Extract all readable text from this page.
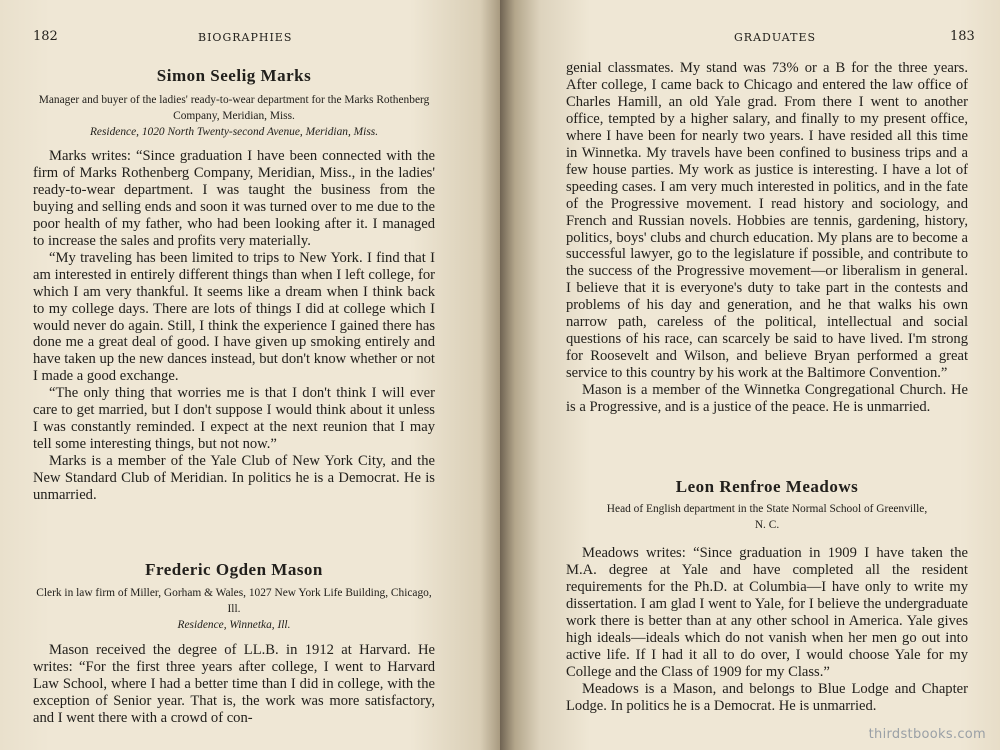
182	BIOGRAPHIES
Simon Seelig Marks

Manager and buyer of the ladies' ready-to-wear department for the Marks Rothenberg Company, Meridian, Miss.
Residence, 1020 North Twenty-second Avenue, Meridian, Miss.

Marks writes: “Since graduation I have been connected with the firm of Marks Rothenberg Company, Meridian, Miss., in the ladies' ready-to-wear department. I was taught the business from the buying and selling ends and soon it was turned over to me due to the poor health of my father, who had been looking after it. I managed to increase the sales and profits very materially.

“My traveling has been limited to trips to New York. I find that I am interested in entirely different things than when I left college, for which I am very thankful. It seems like a dream when I think back to my college days. There are lots of things I did at college which I would never do again. Still, I think the experience I gained there has done me a great deal of good. I have given up smoking entirely and have taken up the new dances instead, but don't know whether or not I made a good exchange.

“The only thing that worries me is that I don't think I will ever care to get married, but I don't suppose I would think about it unless I was constantly reminded. I expect at the next reunion that I may tell some interesting things, but not now.”

Marks is a member of the Yale Club of New York City, and the New Standard Club of Meridian. In politics he is a Democrat. He is unmarried.

Frederic Ogden Mason

Clerk in law firm of Miller, Gorham & Wales, 1027 New York Life Building, Chicago, Ill.
Residence, Winnetka, Ill.

Mason received the degree of LL.B. in 1912 at Harvard. He writes: “For the first three years after college, I went to Harvard Law School, where I had a better time than I did in college, with the exception of Senior year. That is, the work was more satisfactory, and I went there with a crowd of con-

GRADUATES	183

genial classmates. My stand was 73% or a B for the three years. After college, I came back to Chicago and entered the law office of Charles Hamill, an old Yale grad. From there I went to another office, tempted by a higher salary, and finally to my present office, where I have been for nearly two years. I have resided all this time in Winnetka. My travels have been confined to business trips and a few house parties. My work as justice is interesting. I have a lot of speeding cases. I am very much interested in politics, and in the fate of the Progressive movement. I read history and sociology, and French and Russian novels. Hobbies are tennis, gardening, history, politics, boys' clubs and church education. My plans are to become a successful lawyer, go to the legislature if possible, and contribute to the success of the Progressive movement—or liberalism in general. I believe that it is everyone's duty to take part in the contests and problems of his day and generation, and he that walks his own narrow path, careless of the political, intellectual and social questions of his race, can scarcely be said to have lived. I'm strong for Roosevelt and Wilson, and believe Bryan performed a great service to this country by his work at the Baltimore Convention.”

Mason is a member of the Winnetka Congregational Church. He is a Progressive, and is a justice of the peace. He is unmarried.

Leon Renfroe Meadows

Head of English department in the State Normal School of Greenville, N. C.

Meadows writes: “Since graduation in 1909 I have taken the M.A. degree at Yale and have completed all the resident requirements for the Ph.D. at Columbia—I have only to write my dissertation. I am glad I went to Yale, for I believe the undergraduate work there is better than at any other school in America. Yale gives high ideals—ideals which do not vanish when her men go out into active life. If I had it all to do over, I would choose Yale for my College and the Class of 1909 for my Class.”

Meadows is a Mason, and belongs to Blue Lodge and Chapter Lodge. In politics he is a Democrat. He is unmarried.

thirdstbooks.com
